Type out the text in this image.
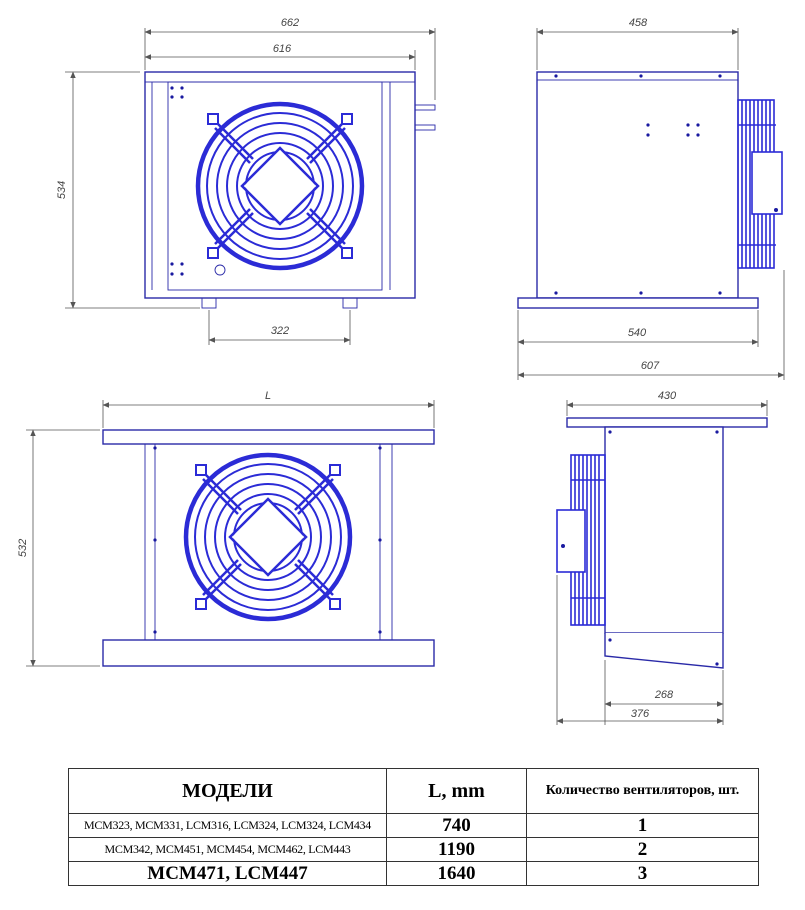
662
616
534
322
458
540
607
L
532
430
268
376
МОДЕЛИ	L, mm	Количество вентиляторов, шт.
MCM323, MCM331, LCM316, LCM324, LCM324, LCM434	740	1
MCM342, MCM451, MCM454, MCM462, LCM443	1190	2
MCM471, LCM447	1640	3
